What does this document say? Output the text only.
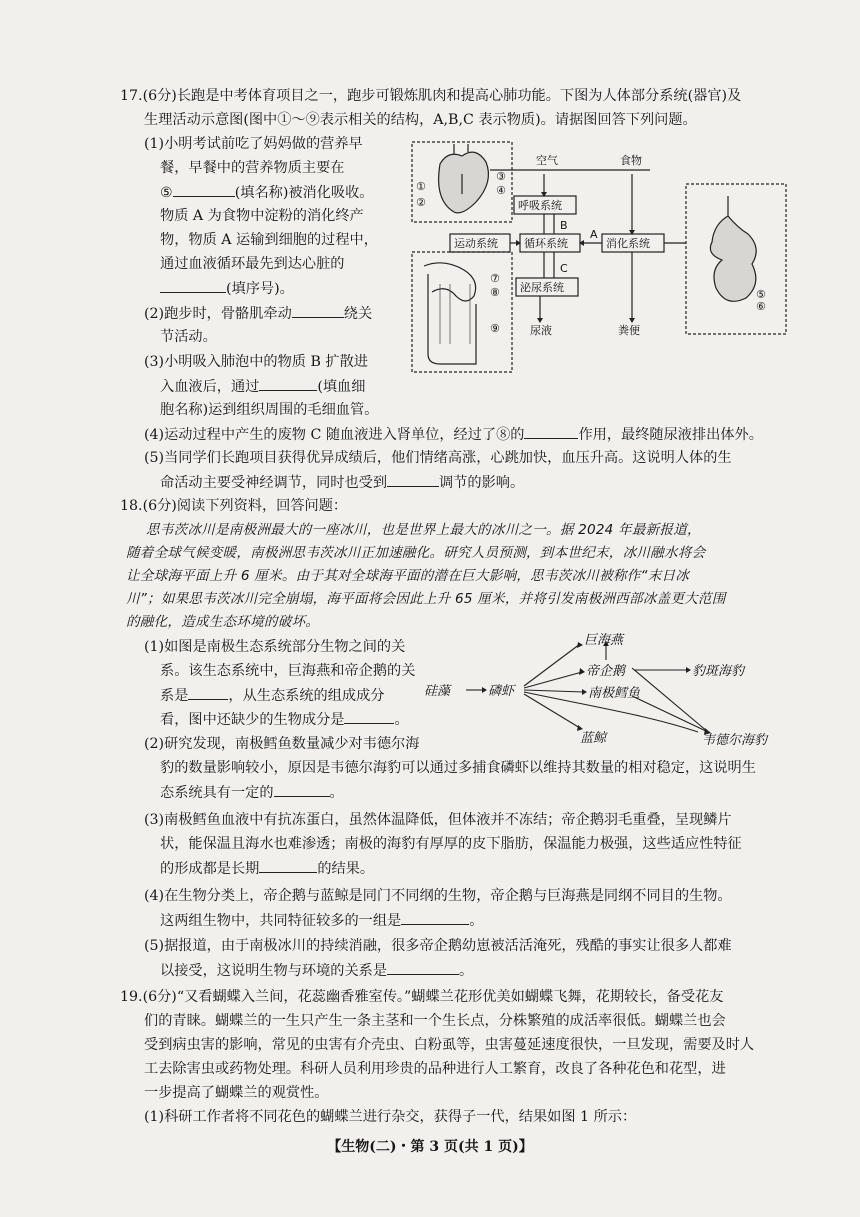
17.(6分)长跑是中考体育项目之一，跑步可锻炼肌肉和提高心肺功能。下图为人体部分系统(器官)及
生理活动示意图(图中①～⑨表示相关的结构，A,B,C 表示物质)。请据图回答下列问题。
(1)小明考试前吃了妈妈做的营养早
餐，早餐中的营养物质主要在
⑤	(填名称)被消化吸收。
物质 A 为食物中淀粉的消化终产
物，物质 A 运输到细胞的过程中，
通过血液循环最先到达心脏的
(填序号)。
(2)跑步时，骨骼肌牵动	绕关
节活动。
(3)小明吸入肺泡中的物质 B 扩散进
入血液后，通过	(填血细
胞名称)运到组织周围的毛细血管。
(4)运动过程中产生的废物 C 随血液进入肾单位，经过了⑧的	作用，最终随尿液排出体外。
(5)当同学们长跑项目获得优异成绩后，他们情绪高涨，心跳加快，血压升高。这说明人体的生
命活动主要受神经调节，同时也受到	调节的影响。
空气	食物
呼吸系统
运动系统 循环系统	消化系统
泌尿系统
尿液	粪便
A
B
C
①
②
③
④
⑤
⑥
⑦
⑧
⑨
18.(6分)阅读下列资料，回答问题：
思韦茨冰川是南极洲最大的一座冰川，也是世界上最大的冰川之一。据 2024 年最新报道，
随着全球气候变暖，南极洲思韦茨冰川正加速融化。研究人员预测，到本世纪末，冰川融水将会
让全球海平面上升 6 厘米。由于其对全球海平面的潜在巨大影响，思韦茨冰川被称作“末日冰
川”；如果思韦茨冰川完全崩塌，海平面将会因此上升 65 厘米，并将引发南极洲西部冰盖更大范围
的融化，造成生态环境的破坏。
(1)如图是南极生态系统部分生物之间的关
系。该生态系统中，巨海燕和帝企鹅的关
系是	，从生态系统的组成成分
看，图中还缺少的生物成分是	。
(2)研究发现，南极鳕鱼数量减少对韦德尔海
豹的数量影响较小，原因是韦德尔海豹可以通过多捕食磷虾以维持其数量的相对稳定，这说明生
态系统具有一定的	。
(3)南极鳕鱼血液中有抗冻蛋白，虽然体温降低，但体液并不冻结；帝企鹅羽毛重叠，呈现鳞片
状，能保温且海水也难渗透；南极的海豹有厚厚的皮下脂肪，保温能力极强，这些适应性特征
的形成都是长期	的结果。
(4)在生物分类上，帝企鹅与蓝鲸是同门不同纲的生物，帝企鹅与巨海燕是同纲不同目的生物。
这两组生物中，共同特征较多的一组是	。
(5)据报道，由于南极冰川的持续消融，很多帝企鹅幼崽被活活淹死，残酷的事实让很多人都难
以接受，这说明生物与环境的关系是	。
硅藻	磷虾
巨海燕
帝企鹅	豹斑海豹
南极鳕鱼
蓝鲸	韦德尔海豹
19.(6分)“又看蝴蝶入兰间，花蕊幽香雅室传。”蝴蝶兰花形优美如蝴蝶飞舞，花期较长，备受花友
们的青睐。蝴蝶兰的一生只产生一条主茎和一个生长点，分株繁殖的成活率很低。蝴蝶兰也会
受到病虫害的影响，常见的虫害有介壳虫、白粉虱等，虫害蔓延速度很快，一旦发现，需要及时人
工去除害虫或药物处理。科研人员利用珍贵的品种进行人工繁育，改良了各种花色和花型，进
一步提高了蝴蝶兰的观赏性。
(1)科研工作者将不同花色的蝴蝶兰进行杂交，获得子一代，结果如图 1 所示：
【生物(二)・第 3 页(共 1 页)】
